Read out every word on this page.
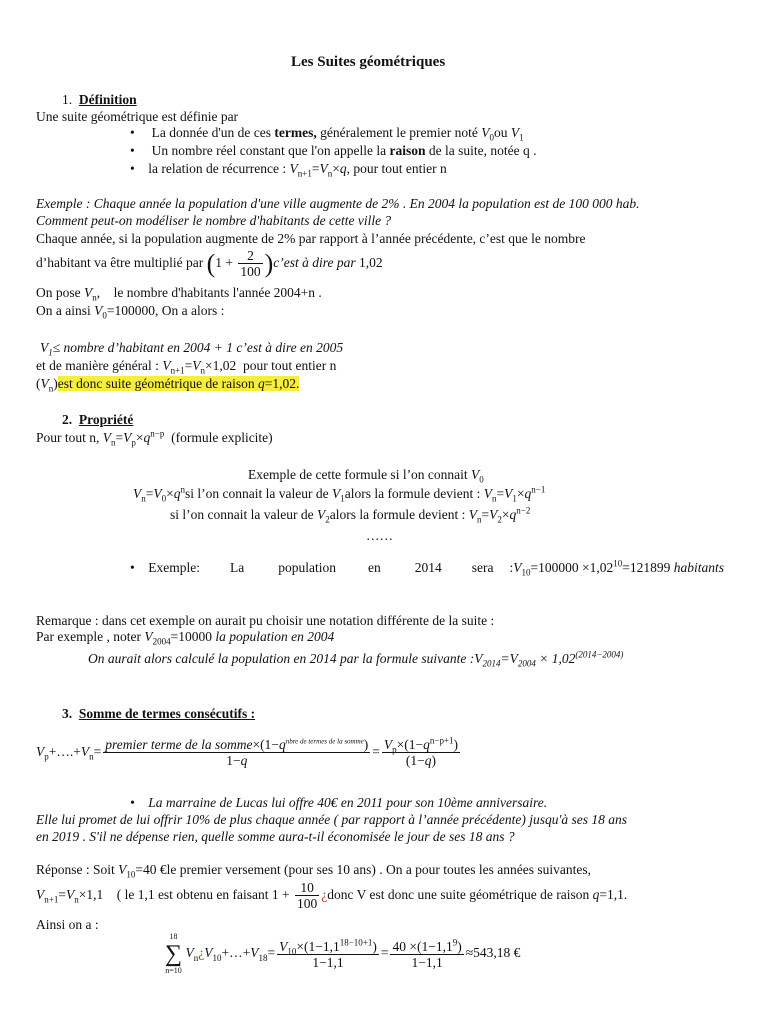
Les Suites géométriques
1. Définition
Une suite géométrique est définie par
•     La donnée d'un de ces termes, généralement le premier noté $V_0ou$ $V_1$
•     Un nombre réel constant que l'on appelle la raison de la suite, notée q .
•    la relation de récurrence : $V_{n+1}=V_n\times q$, pour tout entier n
Exemple : Chaque année la population d'une ville augmente de 2% . En 2004 la population est de 100 000 hab.
Comment peut-on modéliser le nombre d'habitants de cette ville ?
Chaque année, si la population augmente de 2% par rapport à l’année précédente, c’est que le nombre
d’habitant va être multiplié par ($1 + \frac{2}{100}$ )c’est à dire par 1,02
On pose $V_n$,    le nombre d'habitants l'année 2004+n .
On a ainsi $V_0=100000$, On a alors :
$V_1\le$ nombre d’habitant en 2004 + 1 c’est à dire en 2005
et de manière général : $V_{n+1}=V_n\times 1,02$  pour tout entier n
$(V_n)est$ donc suite géométrique de raison q=1,02.
2. Propriété
Pour tout n, $V_n=V_p\times q^{n-p}$ (formule explicite)
Exemple de cette formule si l’on connait $V_0$
$V_n=V_0\times q^nsi$ l’on connait la valeur de $V_1alors$ la formule devient : $V_n=V_1\times q^{n-1}$
si l’on connait la valeur de $V_2alors$ la formule devient : $V_n=V_2\times q^{n-2}$
……
•    Exemple: La	population en	2014 sera $:V_{10}=100000 \times 1,02^{10}=121899$ habitants
Remarque : dans cet exemple on aurait pu choisir une notation différente de la suite :
Par exemple , noter $V_{2004}=10000$ la population en 2004
On aurait alors calculé la population en 2014 par la formule suivante $:V_{2014}=V_{2004} \times 1,02^{(2014-2004)}$
3. Somme de termes consécutifs :
$V_p+\dots.+V_n= \frac{premier terme de la somme\times(1-q^{nbre de termes de la somme})}{1-q} = \frac{V_p\times(1-q^{n-p+1})}{(1-q)}$
•    La marraine de Lucas lui offre 40€ en 2011 pour son 10ème anniversaire.
Elle lui promet de lui offrir 10% de plus chaque année ( par rapport à l’année précédente) jusqu'à ses 18 ans
en 2019 . S'il ne dépense rien, quelle somme aura-t-il économisée le jour de ses 18 ans ?
Réponse : Soit $V_{10}=40$ €le premier versement (pour ses 10 ans) . On a pour toutes les années suivantes,
$V_{n+1}=V_n\times 1,1$    ( le 1,1 est obtenu en faisant $1 + \frac{10}{100}$ ¿donc V est donc une suite géométrique de raison q=1,1.
Ainsi on a :
18
∑
n=10
$V_n¿V_{10}+\dots+V_{18}= \frac{V_{10}\times(1-1,1^{18-10+1})}{1-1,1} = \frac{40 \times(1-1,1^9)}{1-1,1} \approx 543,18$ €
